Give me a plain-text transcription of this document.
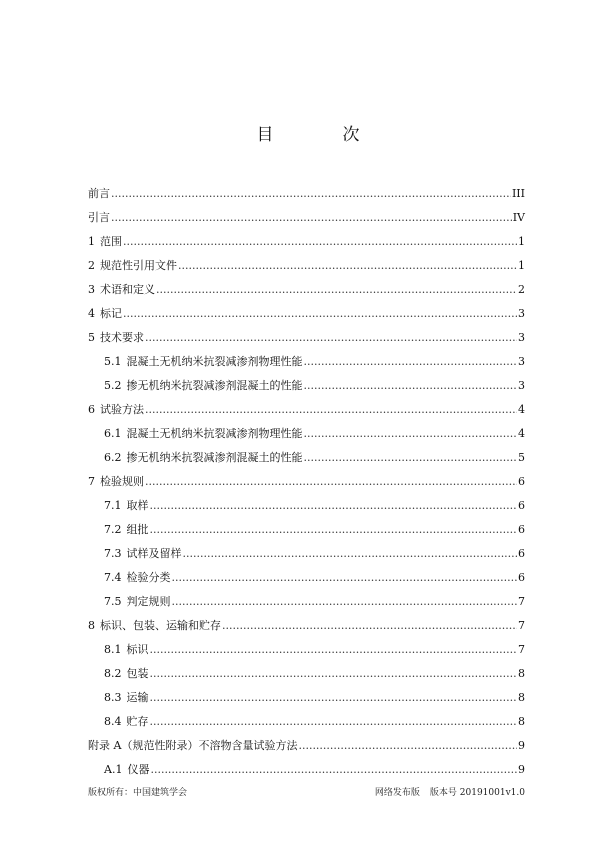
目　次
前言 .....	III
引言 .....	IV
1 范围 .....	1
2 规范性引用文件 .....	1
3 术语和定义 .....	2
4 标记 .....	3
5 技术要求 .....	3
5.1 混凝土无机纳米抗裂减渗剂物理性能 .....	3
5.2 掺无机纳米抗裂减渗剂混凝土的性能 .....	3
6 试验方法 .....	4
6.1 混凝土无机纳米抗裂减渗剂物理性能 .....	4
6.2 掺无机纳米抗裂减渗剂混凝土的性能 .....	5
7 检验规则 .....	6
7.1 取样 .....	6
7.2 组批 .....	6
7.3 试样及留样 .....	6
7.4 检验分类 .....	6
7.5 判定规则 .....	7
8 标识、包装、运输和贮存 .....	7
8.1 标识 .....	7
8.2 包装 .....	8
8.3 运输 .....	8
8.4 贮存 .....	8
附录 A（规范性附录）不溶物含量试验方法 .....	9
A.1 仪器 .....	9
版权所有：中国建筑学会	网络发布版 版本号 20191001v1.0
